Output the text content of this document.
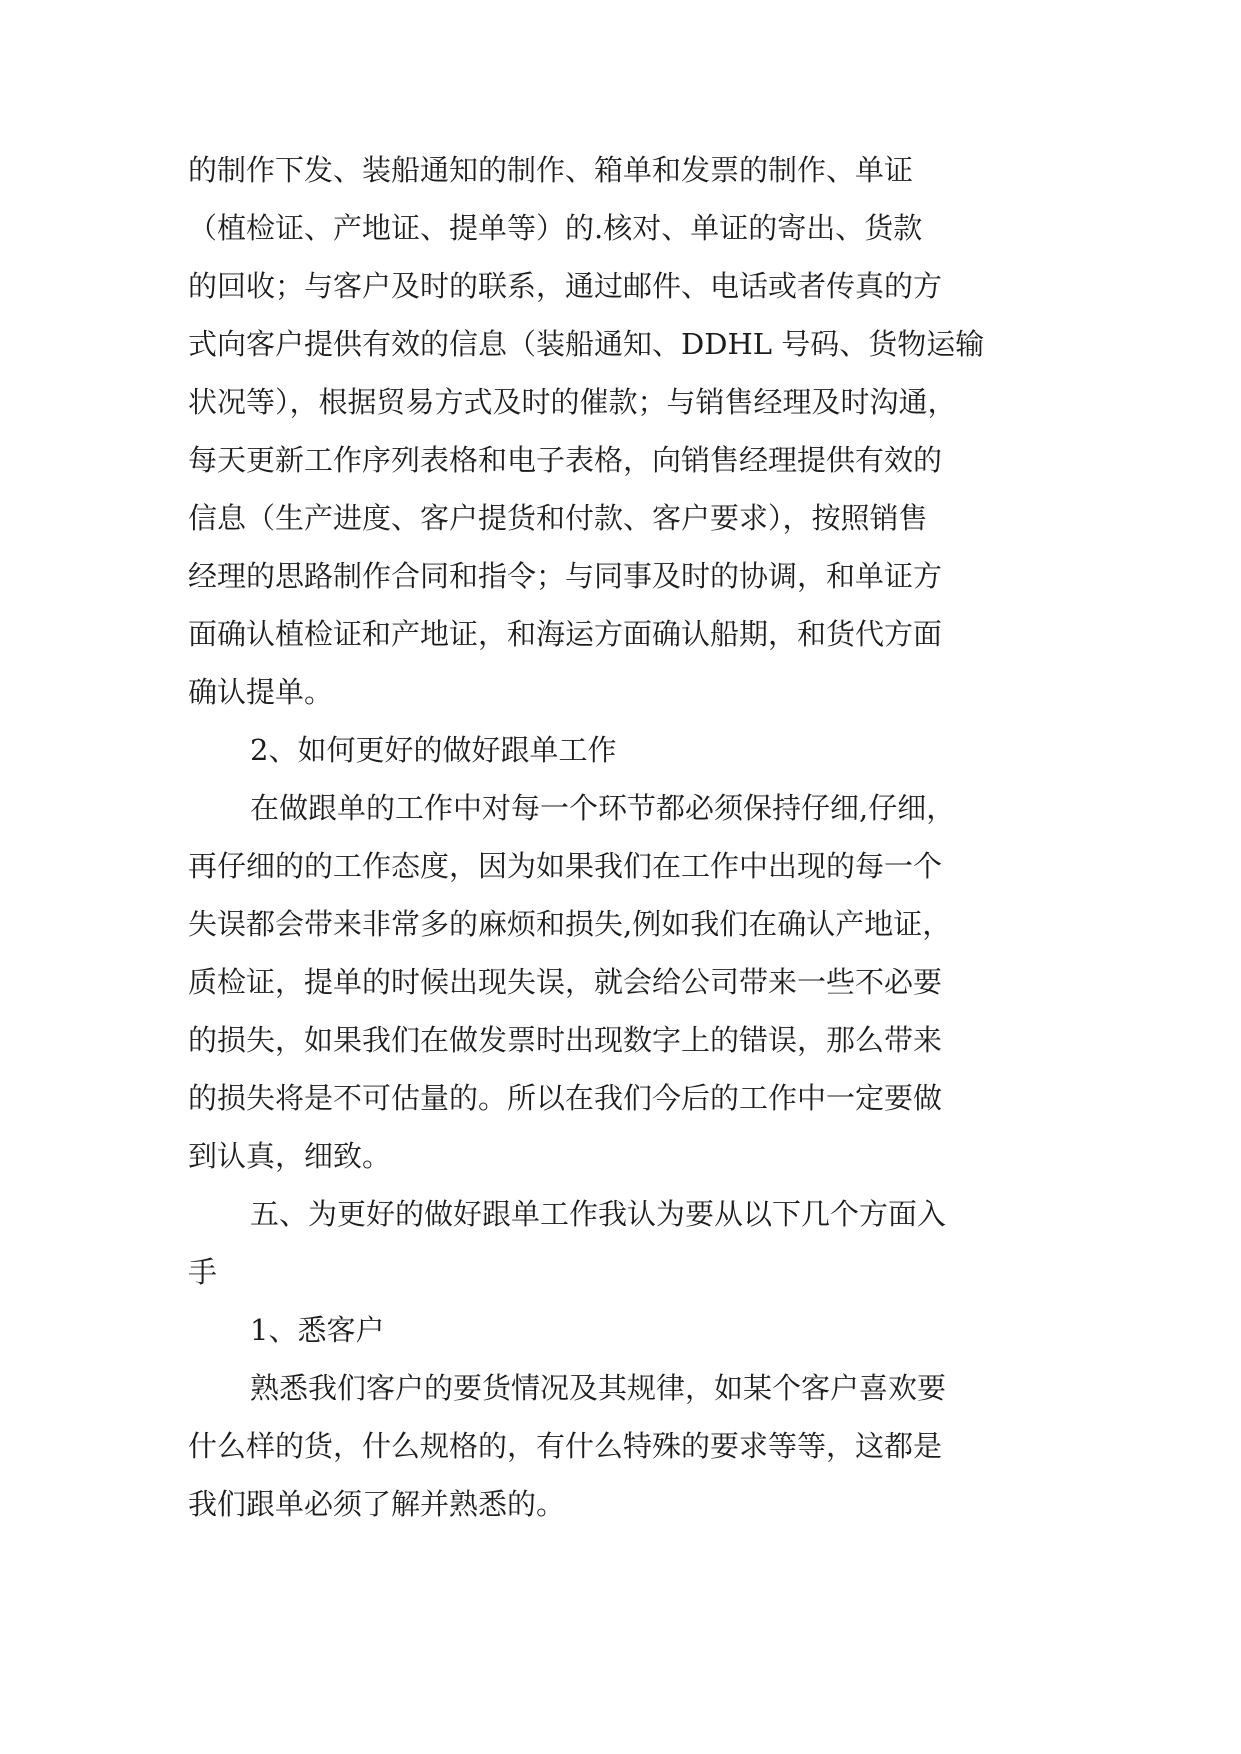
的制作下发、装船通知的制作、箱单和发票的制作、单证
（植检证、产地证、提单等）的.核对、单证的寄出、货款
的回收；与客户及时的联系，通过邮件、电话或者传真的方
式向客户提供有效的信息（装船通知、DDHL 号码、货物运输
状况等），根据贸易方式及时的催款；与销售经理及时沟通，
每天更新工作序列表格和电子表格，向销售经理提供有效的
信息（生产进度、客户提货和付款、客户要求），按照销售
经理的思路制作合同和指令；与同事及时的协调，和单证方
面确认植检证和产地证，和海运方面确认船期，和货代方面
确认提单。
2、如何更好的做好跟单工作
在做跟单的工作中对每一个环节都必须保持仔细,仔细，
再仔细的的工作态度，因为如果我们在工作中出现的每一个
失误都会带来非常多的麻烦和损失,例如我们在确认产地证，
质检证，提单的时候出现失误，就会给公司带来一些不必要
的损失，如果我们在做发票时出现数字上的错误，那么带来
的损失将是不可估量的。所以在我们今后的工作中一定要做
到认真，细致。
五、为更好的做好跟单工作我认为要从以下几个方面入
手
1、悉客户
熟悉我们客户的要货情况及其规律，如某个客户喜欢要
什么样的货，什么规格的，有什么特殊的要求等等，这都是
我们跟单必须了解并熟悉的。
